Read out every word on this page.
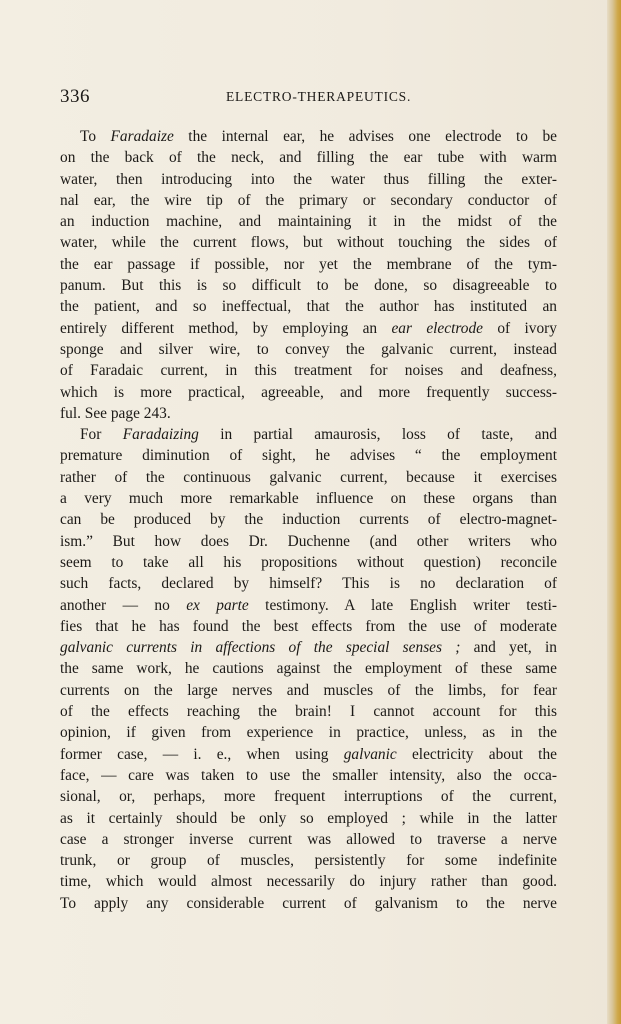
336	ELECTRO-THERAPEUTICS.
To Faradaize the internal ear, he advises one electrode to be
on the back of the neck, and filling the ear tube with warm
water, then introducing into the water thus filling the exter-
nal ear, the wire tip of the primary or secondary conductor of
an induction machine, and maintaining it in the midst of the
water, while the current flows, but without touching the sides of
the ear passage if possible, nor yet the membrane of the tym-
panum. But this is so difficult to be done, so disagreeable to
the patient, and so ineffectual, that the author has instituted an
entirely different method, by employing an ear electrode of ivory
sponge and silver wire, to convey the galvanic current, instead
of Faradaic current, in this treatment for noises and deafness,
which is more practical, agreeable, and more frequently success-
ful. See page 243.
For Faradaizing in partial amaurosis, loss of taste, and
premature diminution of sight, he advises “ the employment
rather of the continuous galvanic current, because it exercises
a very much more remarkable influence on these organs than
can be produced by the induction currents of electro-magnet-
ism.” But how does Dr. Duchenne (and other writers who
seem to take all his propositions without question) reconcile
such facts, declared by himself? This is no declaration of
another — no ex parte testimony. A late English writer testi-
fies that he has found the best effects from the use of moderate
galvanic currents in affections of the special senses ; and yet, in
the same work, he cautions against the employment of these same
currents on the large nerves and muscles of the limbs, for fear
of the effects reaching the brain! I cannot account for this
opinion, if given from experience in practice, unless, as in the
former case, — i. e., when using galvanic electricity about the
face, — care was taken to use the smaller intensity, also the occa-
sional, or, perhaps, more frequent interruptions of the current,
as it certainly should be only so employed ; while in the latter
case a stronger inverse current was allowed to traverse a nerve
trunk, or group of muscles, persistently for some indefinite
time, which would almost necessarily do injury rather than good.
To apply any considerable current of galvanism to the nerve
